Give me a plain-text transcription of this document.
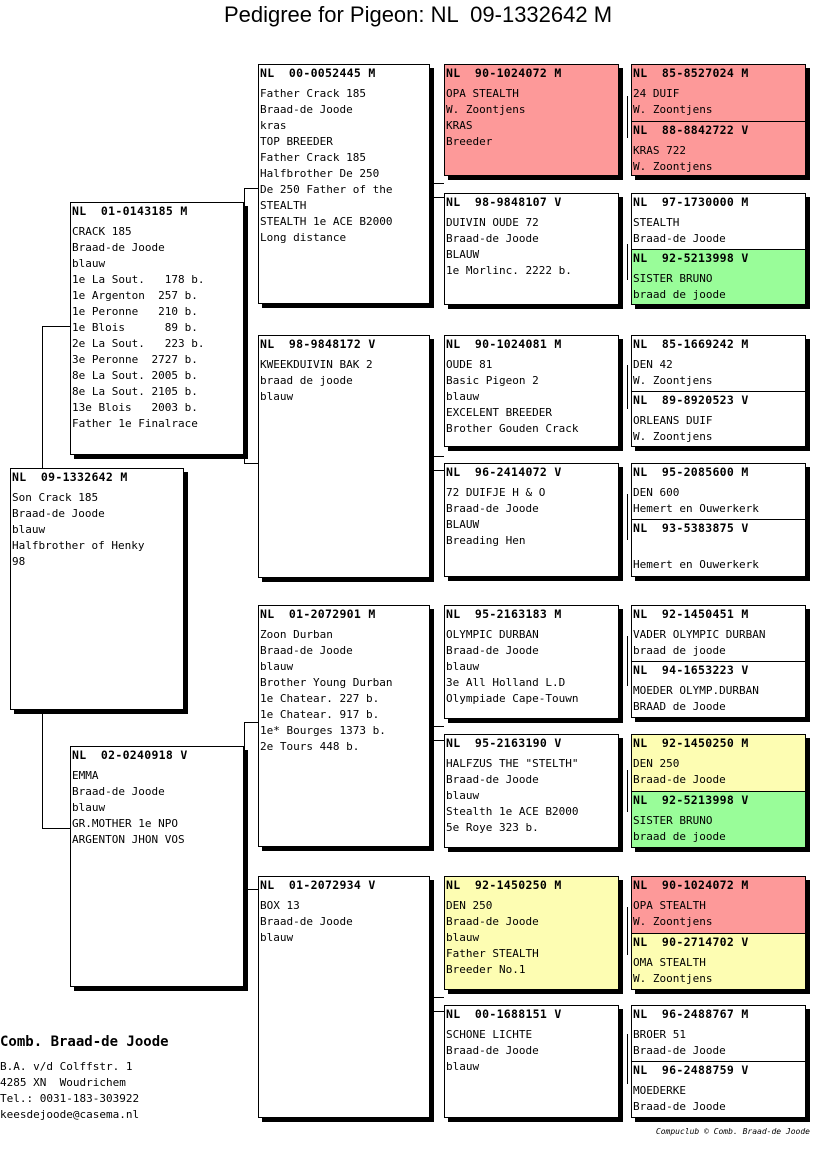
Pedigree for Pigeon: NL  09-1332642 M
NL  09-1332642 M
Son Crack 185
Braad-de Joode
blauw
Halfbrother of Henky
98
NL  01-0143185 M
CRACK 185
Braad-de Joode
blauw
1e La Sout.   178 b.
1e Argenton  257 b.
1e Peronne   210 b.
1e Blois      89 b.
2e La Sout.   223 b.
3e Peronne  2727 b.
8e La Sout. 2005 b.
8e La Sout. 2105 b.
13e Blois   2003 b.
Father 1e Finalrace
NL  02-0240918 V
EMMA
Braad-de Joode
blauw
GR.MOTHER 1e NPO
ARGENTON JHON VOS
NL  00-0052445 M
Father Crack 185
Braad-de Joode
kras
TOP BREEDER
Father Crack 185
Halfbrother De 250
De 250 Father of the
STEALTH
STEALTH 1e ACE B2000
Long distance
NL  98-9848172 V
KWEEKDUIVIN BAK 2
braad de joode
blauw
NL  01-2072901 M
Zoon Durban
Braad-de Joode
blauw
Brother Young Durban
1e Chatear. 227 b.
1e Chatear. 917 b.
1e* Bourges 1373 b.
2e Tours 448 b.
NL  01-2072934 V
BOX 13
Braad-de Joode
blauw
NL  90-1024072 M
OPA STEALTH
W. Zoontjens
KRAS
Breeder
NL  98-9848107 V
DUIVIN OUDE 72
Braad-de Joode
BLAUW
1e Morlinc. 2222 b.
NL  90-1024081 M
OUDE 81
Basic Pigeon 2
blauw
EXCELENT BREEDER
Brother Gouden Crack
NL  96-2414072 V
72 DUIFJE H & O
Braad-de Joode
BLAUW
Breading Hen
NL  95-2163183 M
OLYMPIC DURBAN
Braad-de Joode
blauw
3e All Holland L.D
Olympiade Cape-Touwn
NL  95-2163190 V
HALFZUS THE "STELTH"
Braad-de Joode
blauw
Stealth 1e ACE B2000
5e Roye 323 b.
NL  92-1450250 M
DEN 250
Braad-de Joode
blauw
Father STEALTH
Breeder No.1
NL  00-1688151 V
SCHONE LICHTE
Braad-de Joode
blauw
NL  85-8527024 M
24 DUIF
W. Zoontjens
NL  88-8842722 V
KRAS 722
W. Zoontjens
NL  97-1730000 M
STEALTH
Braad-de Joode
NL  92-5213998 V
SISTER BRUNO
braad de joode
NL  85-1669242 M
DEN 42
W. Zoontjens
NL  89-8920523 V
ORLEANS DUIF
W. Zoontjens
NL  95-2085600 M
DEN 600
Hemert en Ouwerkerk
NL  93-5383875 V
Hemert en Ouwerkerk
NL  92-1450451 M
VADER OLYMPIC DURBAN
braad de joode
NL  94-1653223 V
MOEDER OLYMP.DURBAN
BRAAD de Joode
NL  92-1450250 M
DEN 250
Braad-de Joode
NL  92-5213998 V
SISTER BRUNO
braad de joode
NL  90-1024072 M
OPA STEALTH
W. Zoontjens
NL  90-2714702 V
OMA STEALTH
W. Zoontjens
NL  96-2488767 M
BROER 51
Braad-de Joode
NL  96-2488759 V
MOEDERKE
Braad-de Joode
Comb. Braad-de Joode
B.A. v/d Colffstr. 1
4285 XN  Woudrichem
Tel.: 0031-183-303922
keesdejoode@casema.nl
Compuclub © Comb. Braad-de Joode
